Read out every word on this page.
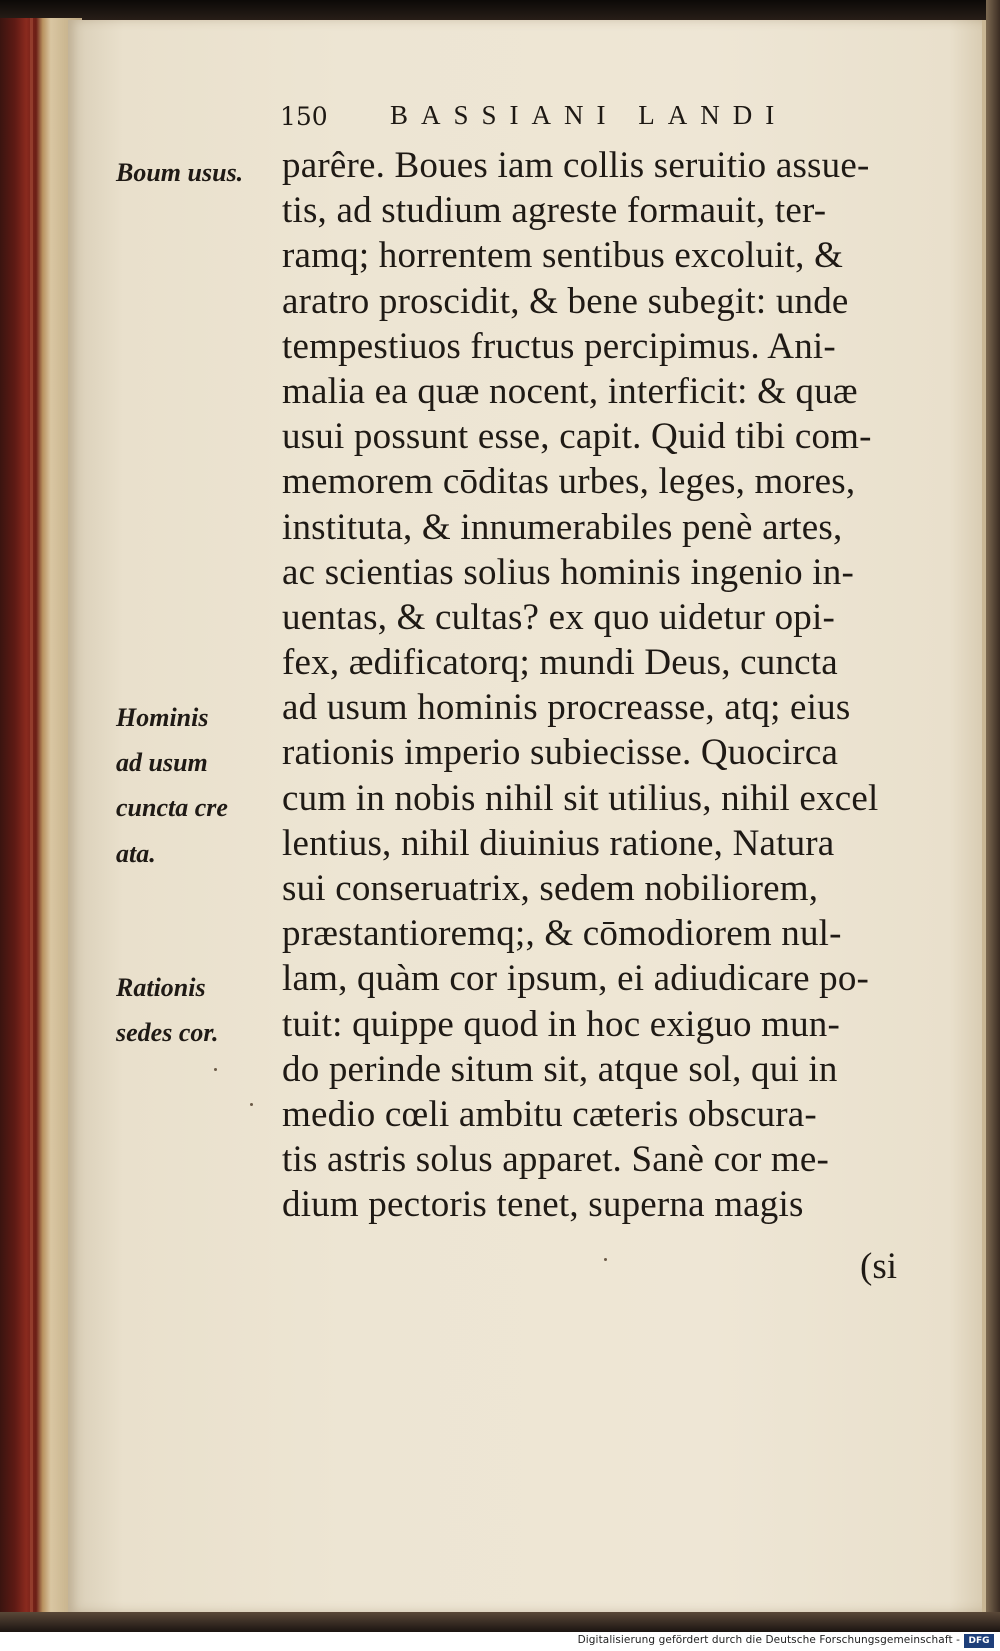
150 BASSIANI LANDI
Boum usus.
Hominis
ad usum
cuncta cre
ata.
Rationis
sedes cor.
parêre. Boues iam collis seruitio assue-
tis, ad studium agreste formauit, ter-
ramq; horrentem sentibus excoluit, &
aratro proscidit, & bene subegit: unde
tempestiuos fructus percipimus. Ani-
malia ea quæ nocent, interficit: & quæ
usui possunt esse, capit. Quid tibi com-
memorem cōditas urbes, leges, mores,
instituta, & innumerabiles penè artes,
ac scientias solius hominis ingenio in-
uentas, & cultas? ex quo uidetur opi-
fex, ædificatorq; mundi Deus, cuncta
ad usum hominis procreasse, atq; eius
rationis imperio subiecisse. Quocirca
cum in nobis nihil sit utilius, nihil excel
lentius, nihil diuinius ratione, Natura
sui conseruatrix, sedem nobiliorem,
præstantioremq;, & cōmodiorem nul-
lam, quàm cor ipsum, ei adiudicare po-
tuit: quippe quod in hoc exiguo mun-
do perinde situm sit, atque sol, qui in
medio cœli ambitu cæteris obscura-
tis astris solus apparet. Sanè cor me-
dium pectoris tenet, superna magis
(si
Digitalisierung gefördert durch die Deutsche Forschungsgemeinschaft - DFG
